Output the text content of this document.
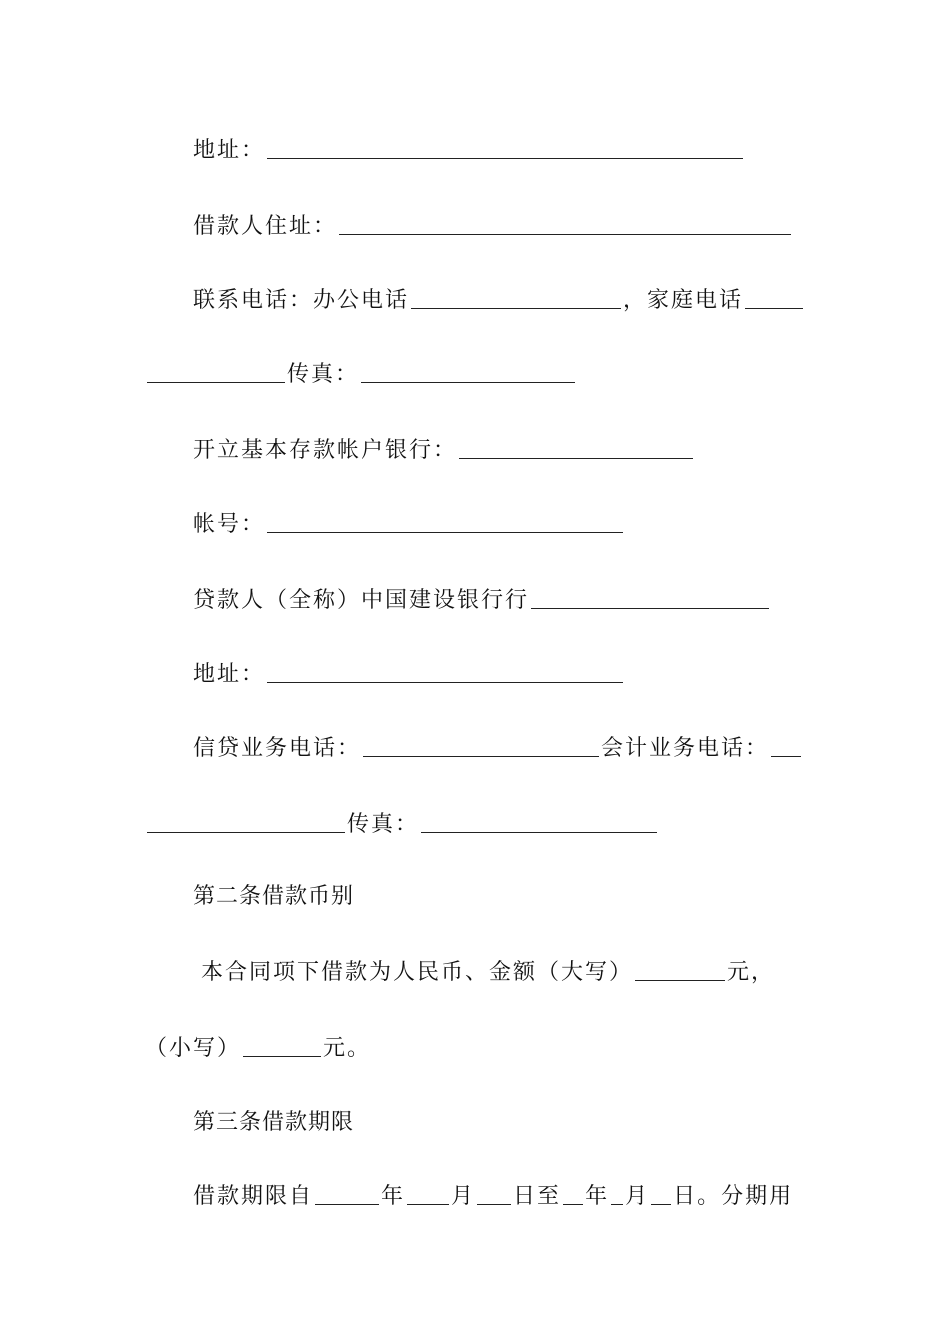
地址：
借款人住址：
联系电话：办公电话	，家庭电话
传真：
开立基本存款帐户银行：
帐号：
贷款人（全称）中国建设银行行
地址：
信贷业务电话：	会计业务电话：
传真：
第二条借款币别
本合同项下借款为人民币、金额（大写）	元，
（小写）	元。
第三条借款期限
借款期限自	年 月 日至 年 月 日。分期用
